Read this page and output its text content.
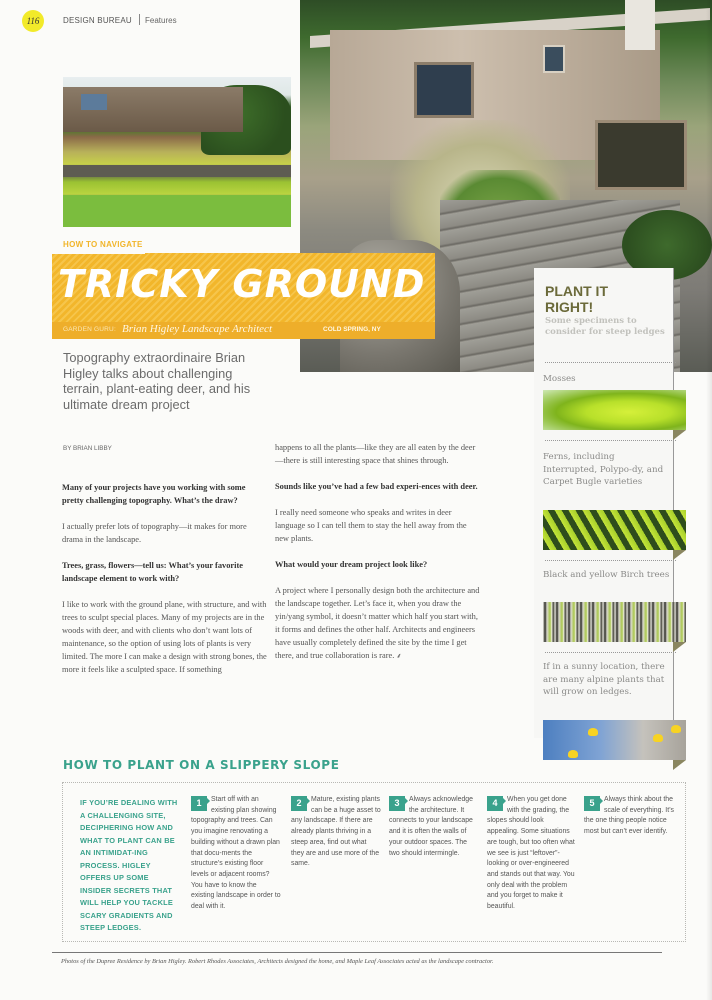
116	DESIGN BUREAU Features
HOW TO NAVIGATE
TRICKY GROUND
GARDEN GURU: Brian Higley Landscape Architect	COLD SPRING, NY
Topography extraordinaire Brian Higley talks about challenging terrain, plant-eating deer, and his ultimate dream project
BY BRIAN LIBBY

Many of your projects have you working with some pretty challenging topography. What’s the draw?

I actually prefer lots of topography—it makes for more drama in the landscape.

Trees, grass, flowers—tell us: What’s your favorite landscape element to work with?

I like to work with the ground plane, with structure, and with trees to sculpt special places. Many of my projects are in the woods with deer, and with clients who don’t want lots of maintenance, so the option of using lots of plants is very limited. The more I can make a design with strong bones, the more it feels like a sculpted space. If something

happens to all the plants—like they are all eaten by the deer—there is still interesting space that shines through.

Sounds like you’ve had a few bad experi-ences with deer.

I really need someone who speaks and writes in deer language so I can tell them to stay the hell away from the new plants.

What would your dream project look like?

A project where I personally design both the architecture and the landscape together. Let’s face it, when you draw the yin/yang symbol, it doesn’t matter which half you start with, it forms and defines the other half. Architects and engineers have usually completely defined the site by the time I get there, and true collaboration is rare. ⸙

PLANT IT
RIGHT!
Some specimens to consider for steep ledges
Mosses
Ferns, including Interrupted, Polypo-dy, and Carpet Bugle varieties
Black and yellow Birch trees
If in a sunny location, there are many alpine plants that will grow on ledges.
HOW TO PLANT ON A SLIPPERY SLOPE
IF YOU’RE DEALING WITH A CHALLENGING SITE, DECIPHERING HOW AND WHAT TO PLANT CAN BE AN INTIMIDAT-ING PROCESS. HIGLEY OFFERS UP SOME INSIDER SECRETS THAT WILL HELP YOU TACKLE SCARY GRADIENTS AND STEEP LEDGES.
1	Start off with an existing plan showing topography and trees. Can you imagine renovating a building without a drawn plan that docu-ments the structure’s existing floor levels or adjacent rooms? You have to know the existing landscape in order to deal with it.
2	Mature, existing plants can be a huge asset to any landscape. If there are already plants thriving in a steep area, find out what they are and use more of the same.
3	Always acknowledge the architecture. It connects to your landscape and it is often the walls of your outdoor spaces. The two should intermingle.
4	When you get done with the grading, the slopes should look appealing. Some situations are tough, but too often what we see is just “leftover”-looking or over-engineered and stands out that way. You only deal with the problem and you forget to make it beautiful.
5	Always think about the scale of everything. It’s the one thing people notice most but can’t ever identify.
Photos of the Dupree Residence by Brian Higley. Robert Rhodes Associates, Architects designed the home, and Maple Leaf Associates acted as the landscape contractor.
